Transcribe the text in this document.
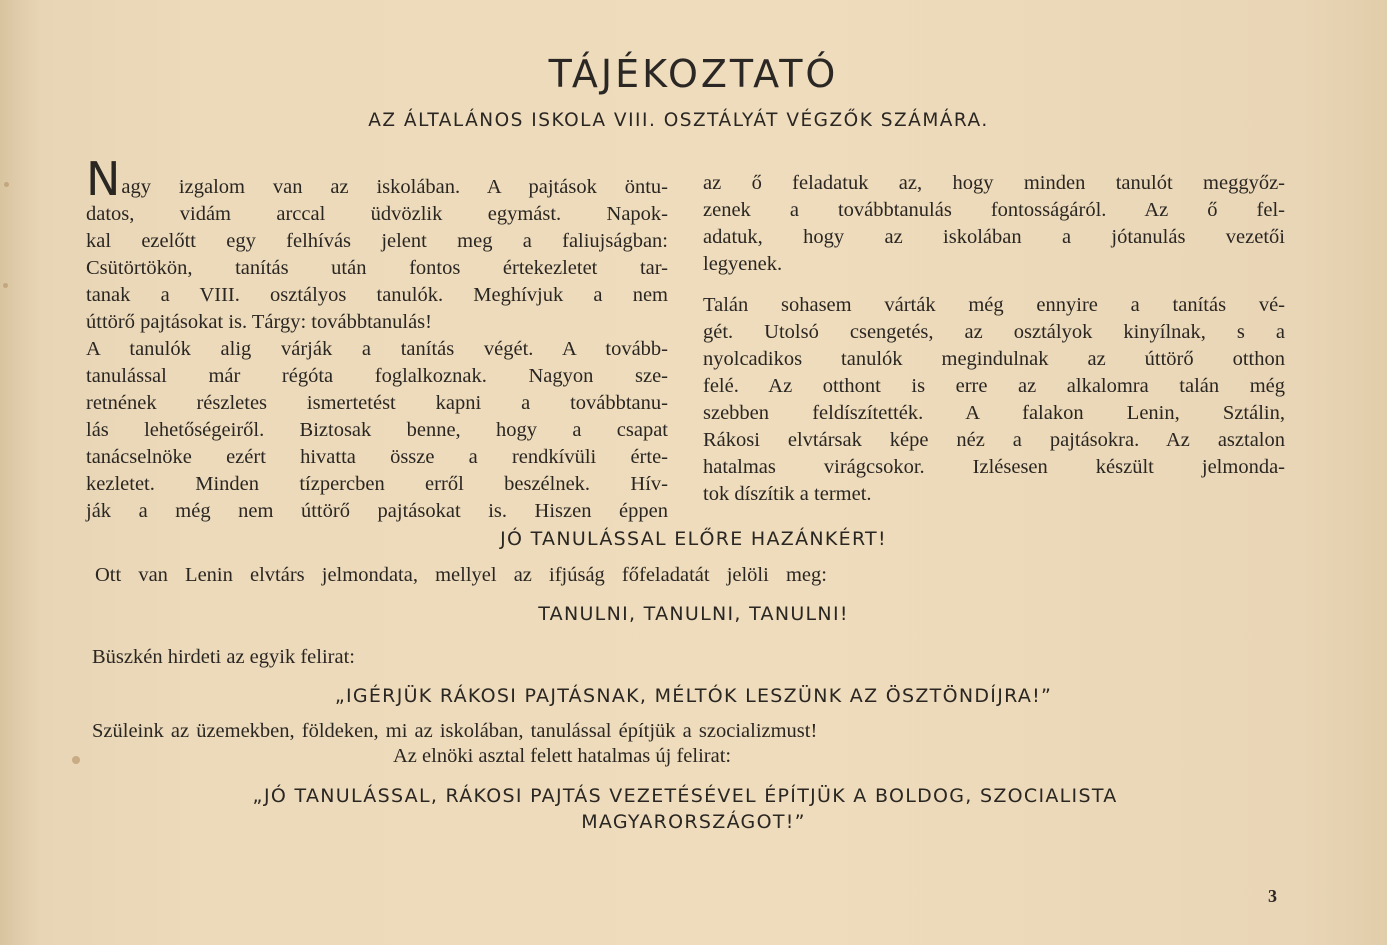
TÁJÉKOZTATÓ
AZ ÁLTALÁNOS ISKOLA VIII. OSZTÁLYÁT VÉGZŐK SZÁMÁRA.
Nagy izgalom van az iskolában. A pajtások öntu-
datos, vidám arccal üdvözlik egymást. Napok-
kal ezelőtt egy felhívás jelent meg a faliujságban:
Csütörtökön, tanítás után fontos értekezletet tar-
tanak a VIII. osztályos tanulók. Meghívjuk a nem
úttörő pajtásokat is. Tárgy: továbbtanulás!
A tanulók alig várják a tanítás végét. A tovább-
tanulással már régóta foglalkoznak. Nagyon sze-
retnének részletes ismertetést kapni a továbbtanu-
lás lehetőségeiről. Biztosak benne, hogy a csapat
tanácselnöke ezért hivatta össze a rendkívüli érte-
kezletet. Minden tízpercben erről beszélnek. Hív-
ják a még nem úttörő pajtásokat is. Hiszen éppen
az ő feladatuk az, hogy minden tanulót meggyőz-
zenek a továbbtanulás fontosságáról. Az ő fel-
adatuk, hogy az iskolában a jótanulás vezetői
legyenek.
Talán sohasem várták még ennyire a tanítás vé-
gét. Utolsó csengetés, az osztályok kinyílnak, s a
nyolcadikos tanulók megindulnak az úttörő otthon
felé. Az otthont is erre az alkalomra talán még
szebben feldíszítették. A falakon Lenin, Sztálin,
Rákosi elvtársak képe néz a pajtásokra. Az asztalon
hatalmas virágcsokor. Izlésesen készült jelmonda-
tok díszítik a termet.
JÓ TANULÁSSAL ELŐRE HAZÁNKÉRT!
Ott van Lenin elvtárs jelmondata, mellyel az ifjúság főfeladatát jelöli meg:
TANULNI, TANULNI, TANULNI!
Büszkén hirdeti az egyik felirat:
„IGÉRJÜK RÁKOSI PAJTÁSNAK, MÉLTÓK LESZÜNK AZ ÖSZTÖNDÍJRA!”
Szüleink az üzemekben, földeken, mi az iskolában, tanulással építjük a szocializmust!
Az elnöki asztal felett hatalmas új felirat:
„JÓ TANULÁSSAL, RÁKOSI PAJTÁS VEZETÉSÉVEL ÉPÍTJÜK A BOLDOG, SZOCIALISTA
MAGYARORSZÁGOT!”
3
